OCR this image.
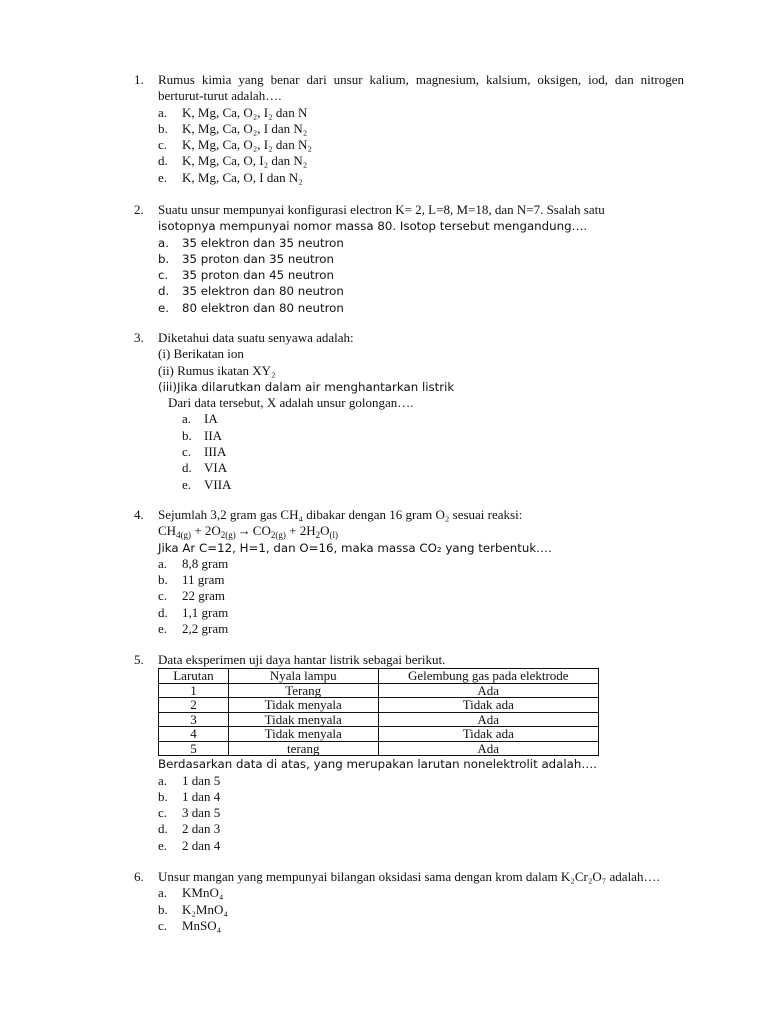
1.	Rumus kimia yang benar dari unsur kalium, magnesium, kalsium, oksigen, iod, dan nitrogen berturut-turut adalah….
a. K, Mg, Ca, O₂, I₂ dan N
b. K, Mg, Ca, O₂, I dan N₂
c. K, Mg, Ca, O₂, I₂ dan N₂
d. K, Mg, Ca, O, I₂ dan N₂
e. K, Mg, Ca, O, I dan N₂
2.	Suatu unsur mempunyai konfigurasi electron K= 2, L=8, M=18, dan N=7. Ssalah satu
isotopnya mempunyai nomor massa 80. Isotop tersebut mengandung….
a. 35 elektron dan 35 neutron
b. 35 proton dan 35 neutron
c. 35 proton dan 45 neutron
d. 35 elektron dan 80 neutron
e. 80 elektron dan 80 neutron
3.	Diketahui data suatu senyawa adalah:
(i) Berikatan ion
(ii) Rumus ikatan XY₂
(iii)Jika dilarutkan dalam air menghantarkan listrik
Dari data tersebut, X adalah unsur golongan….
a. IA
b. IIA
c. IIIA
d. VIA
e. VIIA
4.	Sejumlah 3,2 gram gas CH₄ dibakar dengan 16 gram O₂ sesuai reaksi:
$CH_{4(g)} + 2O_{2(g)} \to CO_{2(g)} + 2H_2O_{(l)}$
Jika Ar C=12, H=1, dan O=16, maka massa CO₂ yang terbentuk….
a. 8,8 gram
b. 11 gram
c. 22 gram
d. 1,1 gram
e. 2,2 gram
5.	Data eksperimen uji daya hantar listrik sebagai berikut.
Larutan	Nyala lampu	Gelembung gas pada elektrode
1	Terang	Ada
2	Tidak menyala	Tidak ada
3	Tidak menyala	Ada
4	Tidak menyala	Tidak ada
5	terang	Ada
Berdasarkan data di atas, yang merupakan larutan nonelektrolit adalah….
a. 1 dan 5
b. 1 dan 4
c. 3 dan 5
d. 2 dan 3
e. 2 dan 4
6.	Unsur mangan yang mempunyai bilangan oksidasi sama dengan krom dalam K₂Cr₂O₇ adalah….
a. KMnO₄
b. K₂MnO₄
c. MnSO₄
